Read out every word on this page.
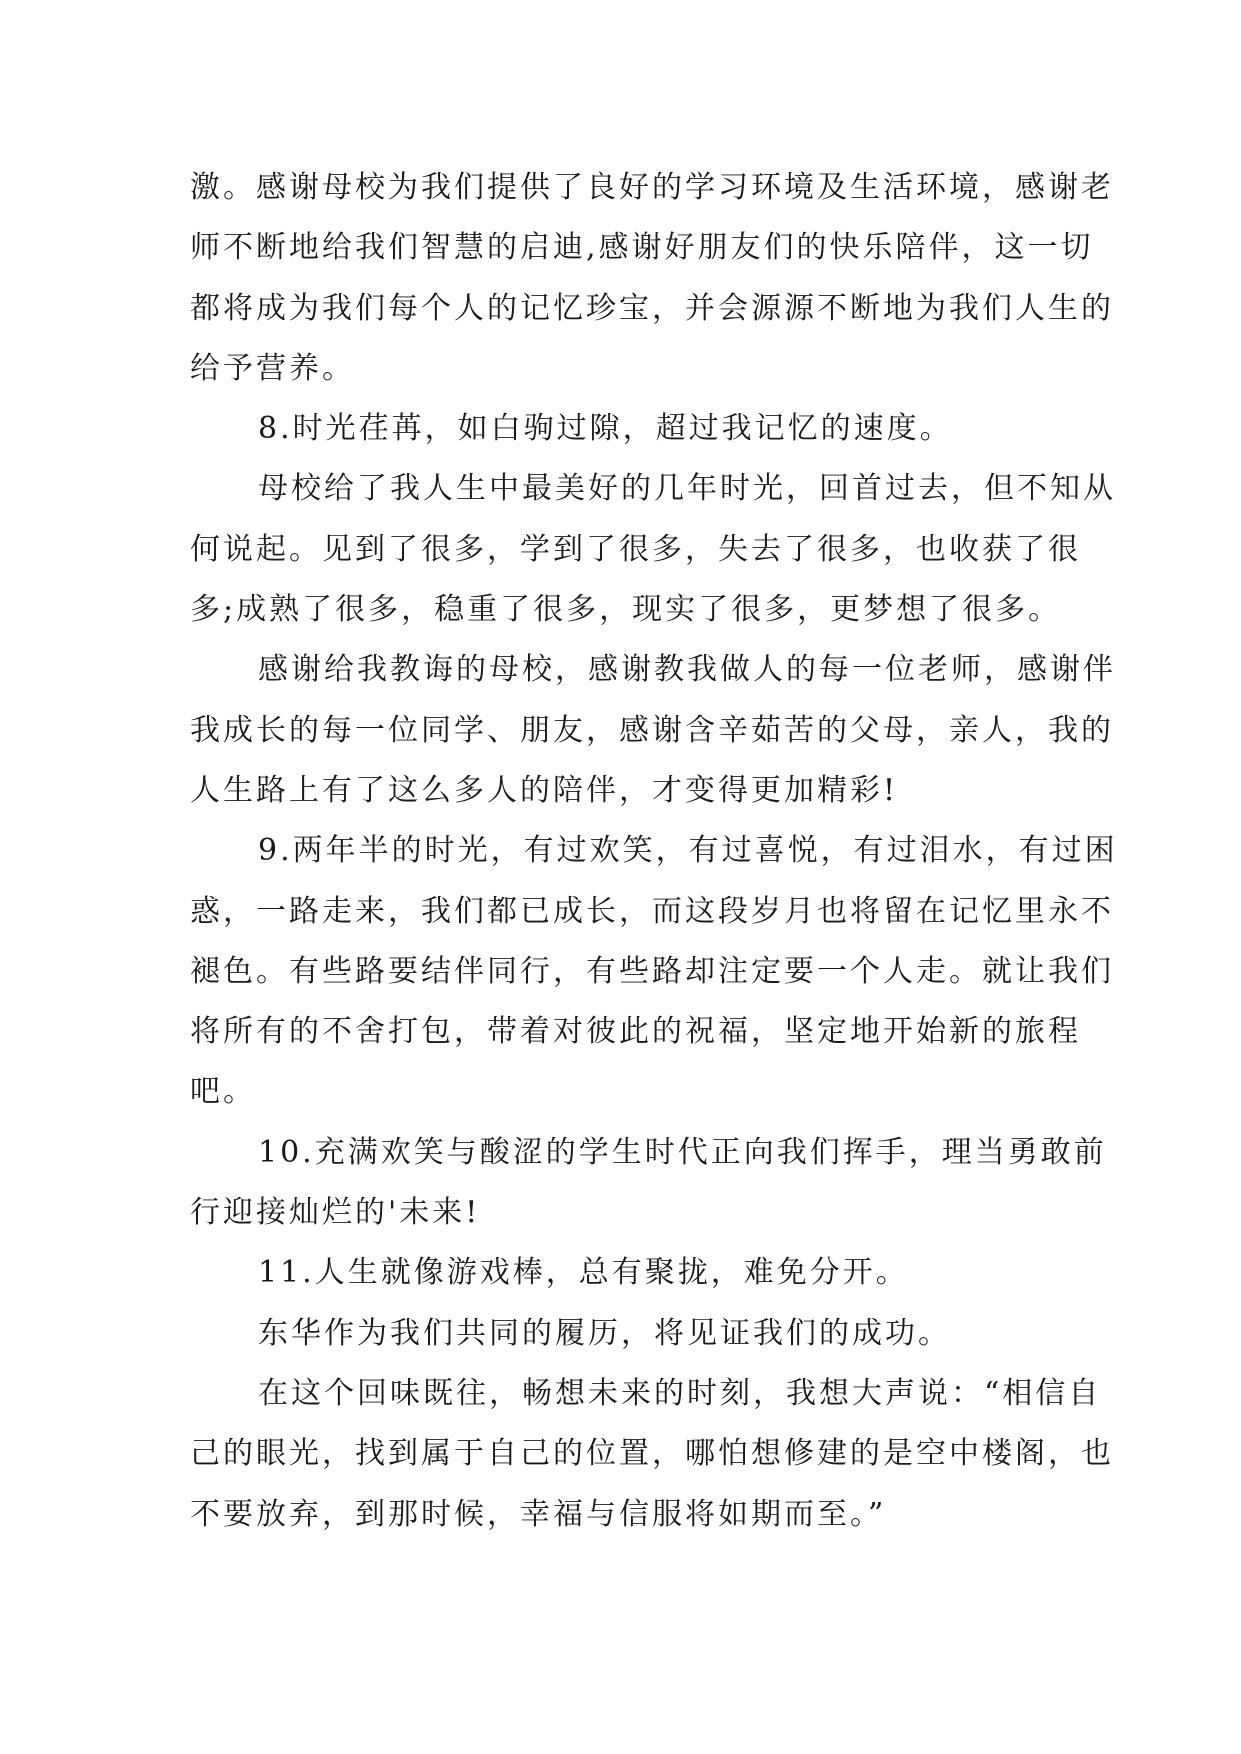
激。感谢母校为我们提供了良好的学习环境及生活环境，感谢老师不断地给我们智慧的启迪,感谢好朋友们的快乐陪伴，这一切都将成为我们每个人的记忆珍宝，并会源源不断地为我们人生的给予营养。

8.时光荏苒，如白驹过隙，超过我记忆的速度。

母校给了我人生中最美好的几年时光，回首过去，但不知从何说起。见到了很多，学到了很多，失去了很多，也收获了很多;成熟了很多，稳重了很多，现实了很多，更梦想了很多。

感谢给我教诲的母校，感谢教我做人的每一位老师，感谢伴我成长的每一位同学、朋友，感谢含辛茹苦的父母，亲人，我的人生路上有了这么多人的陪伴，才变得更加精彩!

9.两年半的时光，有过欢笑，有过喜悦，有过泪水，有过困惑，一路走来，我们都已成长，而这段岁月也将留在记忆里永不褪色。有些路要结伴同行，有些路却注定要一个人走。就让我们将所有的不舍打包，带着对彼此的祝福，坚定地开始新的旅程吧。

10.充满欢笑与酸涩的学生时代正向我们挥手，理当勇敢前行迎接灿烂的'未来!

11.人生就像游戏棒，总有聚拢，难免分开。

东华作为我们共同的履历，将见证我们的成功。

在这个回味既往，畅想未来的时刻，我想大声说：“相信自己的眼光，找到属于自己的位置，哪怕想修建的是空中楼阁，也不要放弃，到那时候，幸福与信服将如期而至。”
